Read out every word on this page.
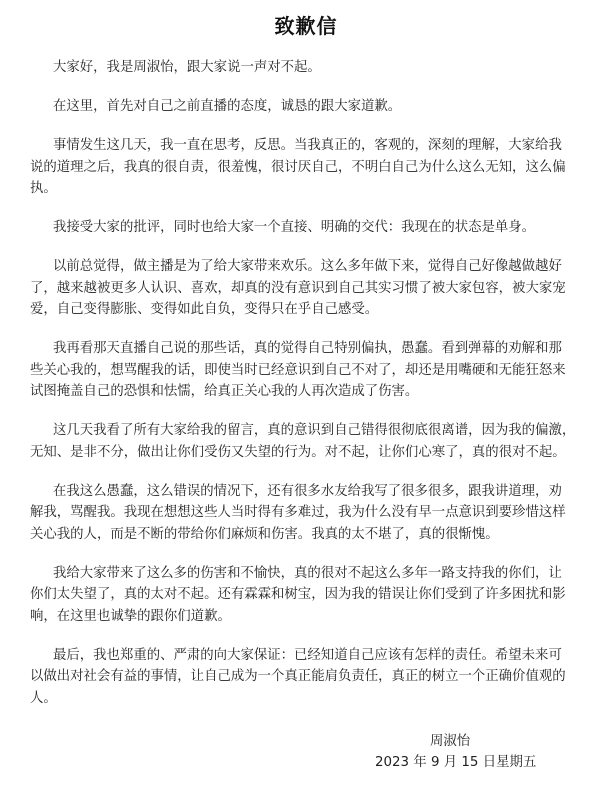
致歉信
大家好，我是周淑怡，跟大家说一声对不起。
在这里，首先对自己之前直播的态度，诚恳的跟大家道歉。
事情发生这几天，我一直在思考，反思。当我真正的，客观的，深刻的理解，大家给我
说的道理之后，我真的很自责，很羞愧，很讨厌自己，不明白自己为什么这么无知，这么偏
执。
我接受大家的批评，同时也给大家一个直接、明确的交代：我现在的状态是单身。
以前总觉得，做主播是为了给大家带来欢乐。这么多年做下来，觉得自己好像越做越好
了，越来越被更多人认识、喜欢，却真的没有意识到自己其实习惯了被大家包容，被大家宠
爱，自己变得膨胀、变得如此自负，变得只在乎自己感受。
我再看那天直播自己说的那些话，真的觉得自己特别偏执，愚蠢。看到弹幕的劝解和那
些关心我的，想骂醒我的话，即使当时已经意识到自己不对了，却还是用嘴硬和无能狂怒来
试图掩盖自己的恐惧和怯懦，给真正关心我的人再次造成了伤害。
这几天我看了所有大家给我的留言，真的意识到自己错得很彻底很离谱，因为我的偏激，
无知、是非不分，做出让你们受伤又失望的行为。对不起，让你们心寒了，真的很对不起。
在我这么愚蠢，这么错误的情况下，还有很多水友给我写了很多很多，跟我讲道理，劝
解我，骂醒我。我现在想想这些人当时得有多难过，我为什么没有早一点意识到要珍惜这样
关心我的人，而是不断的带给你们麻烦和伤害。我真的太不堪了，真的很惭愧。
我给大家带来了这么多的伤害和不愉快，真的很对不起这么多年一路支持我的你们，让
你们太失望了，真的太对不起。还有霖霖和树宝，因为我的错误让你们受到了许多困扰和影
响，在这里也诚挚的跟你们道歉。
最后，我也郑重的、严肃的向大家保证：已经知道自己应该有怎样的责任。希望未来可
以做出对社会有益的事情，让自己成为一个真正能肩负责任，真正的树立一个正确价值观的
人。
周淑怡
2023 年 9 月 15 日星期五
